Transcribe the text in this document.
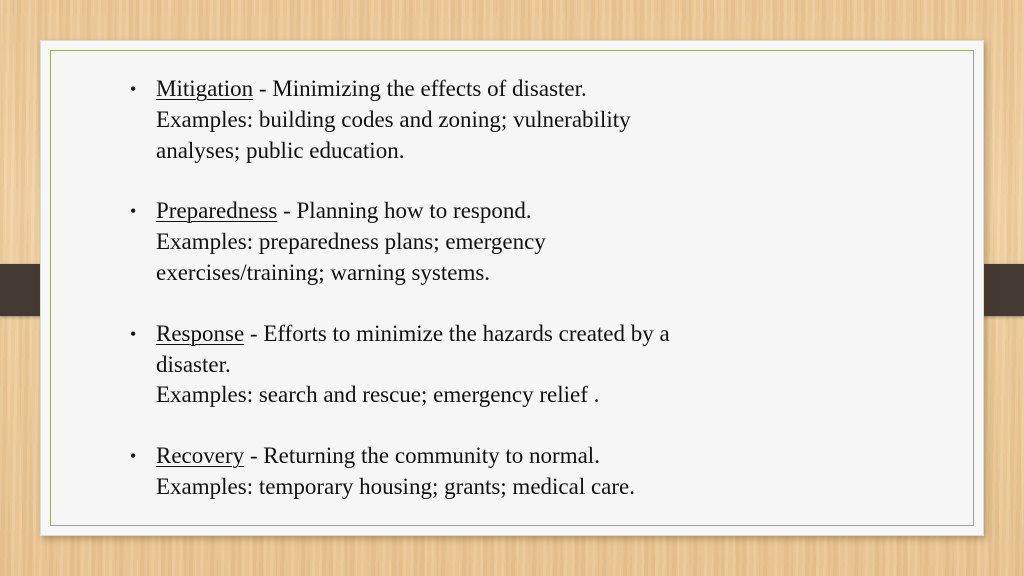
• Mitigation - Minimizing the effects of disaster.
Examples: building codes and zoning; vulnerability
analyses; public education.
• Preparedness - Planning how to respond.
Examples: preparedness plans; emergency
exercises/training; warning systems.
• Response - Efforts to minimize the hazards created by a
disaster.
Examples: search and rescue; emergency relief .
• Recovery - Returning the community to normal.
Examples: temporary housing; grants; medical care.
